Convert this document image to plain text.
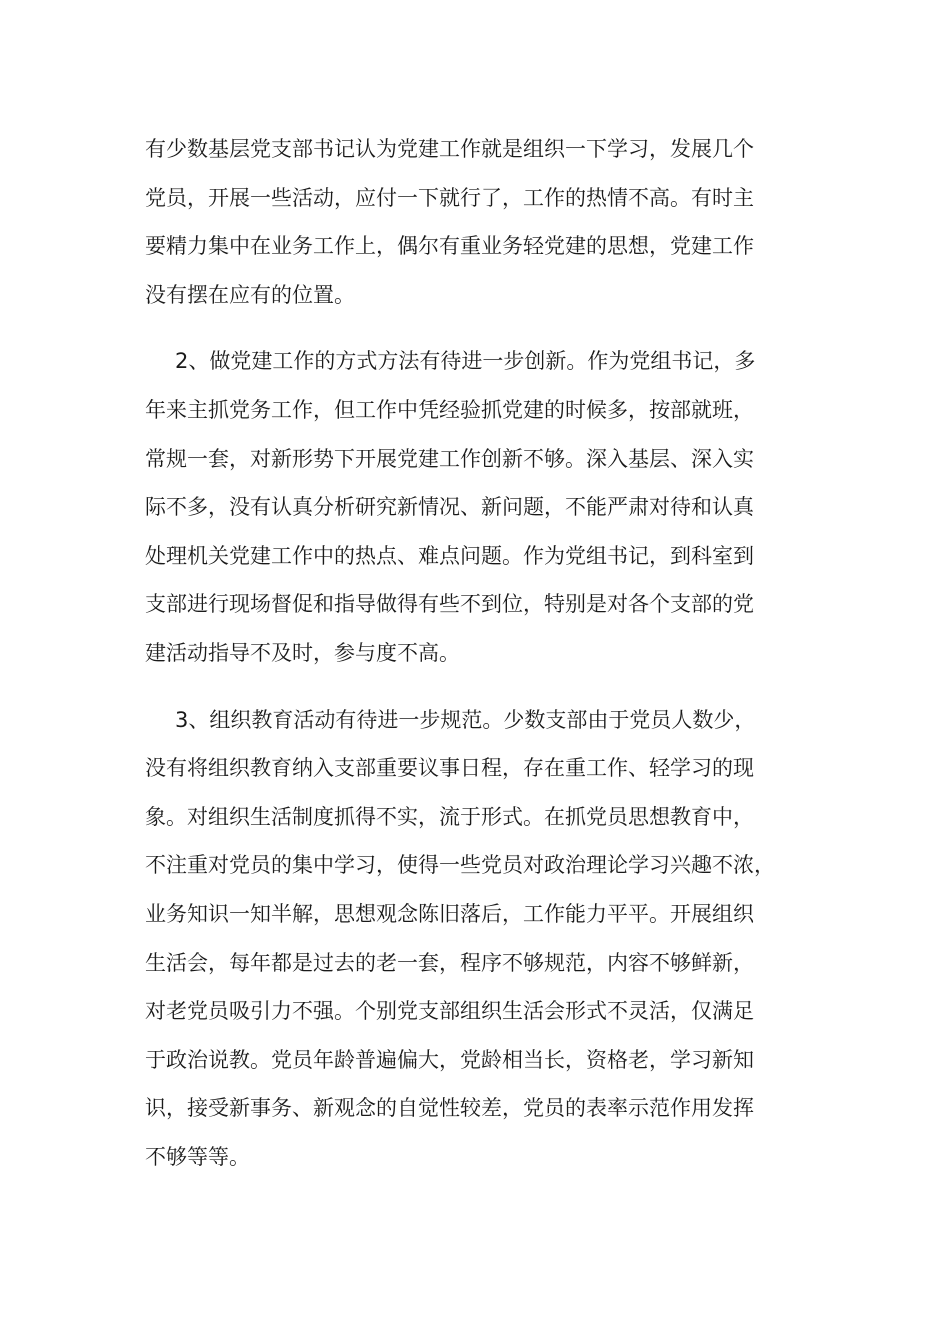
有少数基层党支部书记认为党建工作就是组织一下学习，发展几个
党员，开展一些活动，应付一下就行了，工作的热情不高。有时主
要精力集中在业务工作上，偶尔有重业务轻党建的思想，党建工作
没有摆在应有的位置。
2、做党建工作的方式方法有待进一步创新。作为党组书记，多
年来主抓党务工作，但工作中凭经验抓党建的时候多，按部就班，
常规一套，对新形势下开展党建工作创新不够。深入基层、深入实
际不多，没有认真分析研究新情况、新问题，不能严肃对待和认真
处理机关党建工作中的热点、难点问题。作为党组书记，到科室到
支部进行现场督促和指导做得有些不到位，特别是对各个支部的党
建活动指导不及时，参与度不高。
3、组织教育活动有待进一步规范。少数支部由于党员人数少，
没有将组织教育纳入支部重要议事日程，存在重工作、轻学习的现
象。对组织生活制度抓得不实，流于形式。在抓党员思想教育中，
不注重对党员的集中学习，使得一些党员对政治理论学习兴趣不浓，
业务知识一知半解，思想观念陈旧落后，工作能力平平。开展组织
生活会，每年都是过去的老一套，程序不够规范，内容不够鲜新，
对老党员吸引力不强。个别党支部组织生活会形式不灵活，仅满足
于政治说教。党员年龄普遍偏大，党龄相当长，资格老，学习新知
识，接受新事务、新观念的自觉性较差，党员的表率示范作用发挥
不够等等。
